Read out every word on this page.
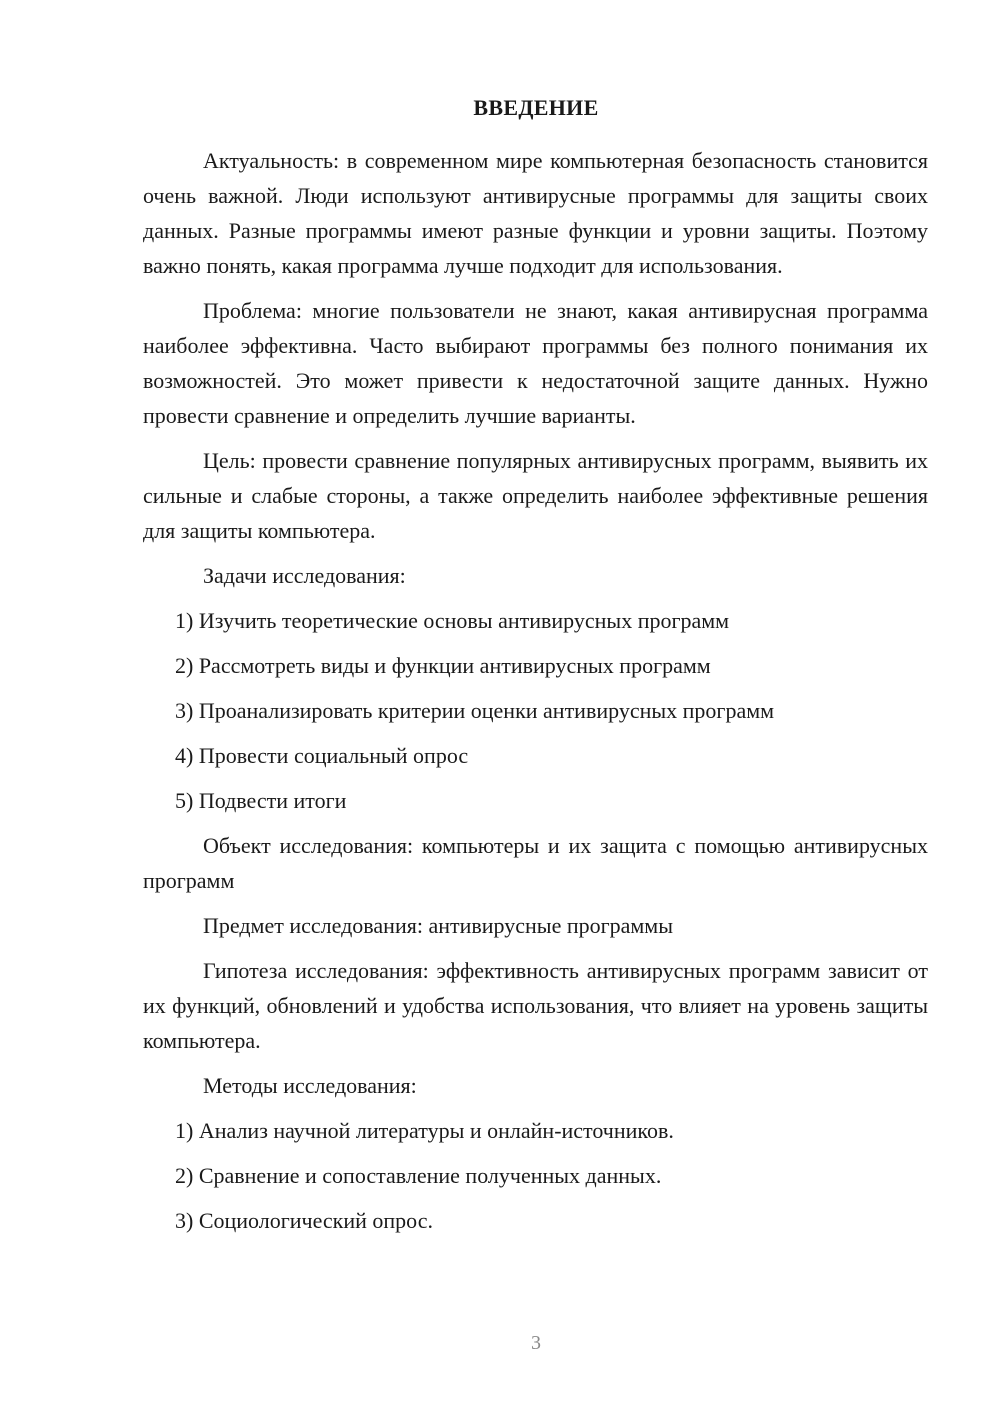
ВВЕДЕНИЕ

Актуальность: в современном мире компьютерная безопасность становится очень важной. Люди используют антивирусные программы для защиты своих данных. Разные программы имеют разные функции и уровни защиты. Поэтому важно понять, какая программа лучше подходит для использования.

Проблема: многие пользователи не знают, какая антивирусная программа наиболее эффективна. Часто выбирают программы без полного понимания их возможностей. Это может привести к недостаточной защите данных. Нужно провести сравнение и определить лучшие варианты.

Цель: провести сравнение популярных антивирусных программ, выявить их сильные и слабые стороны, а также определить наиболее эффективные решения для защиты компьютера.

Задачи исследования:

1) Изучить теоретические основы антивирусных программ

2) Рассмотреть виды и функции антивирусных программ

3) Проанализировать критерии оценки антивирусных программ

4) Провести социальный опрос

5) Подвести итоги

Объект исследования: компьютеры и их защита с помощью антивирусных программ

Предмет исследования: антивирусные программы

Гипотеза исследования: эффективность антивирусных программ зависит от их функций, обновлений и удобства использования, что влияет на уровень защиты компьютера.

Методы исследования:

1) Анализ научной литературы и онлайн-источников.

2) Сравнение и сопоставление полученных данных.

3) Социологический опрос.

3
